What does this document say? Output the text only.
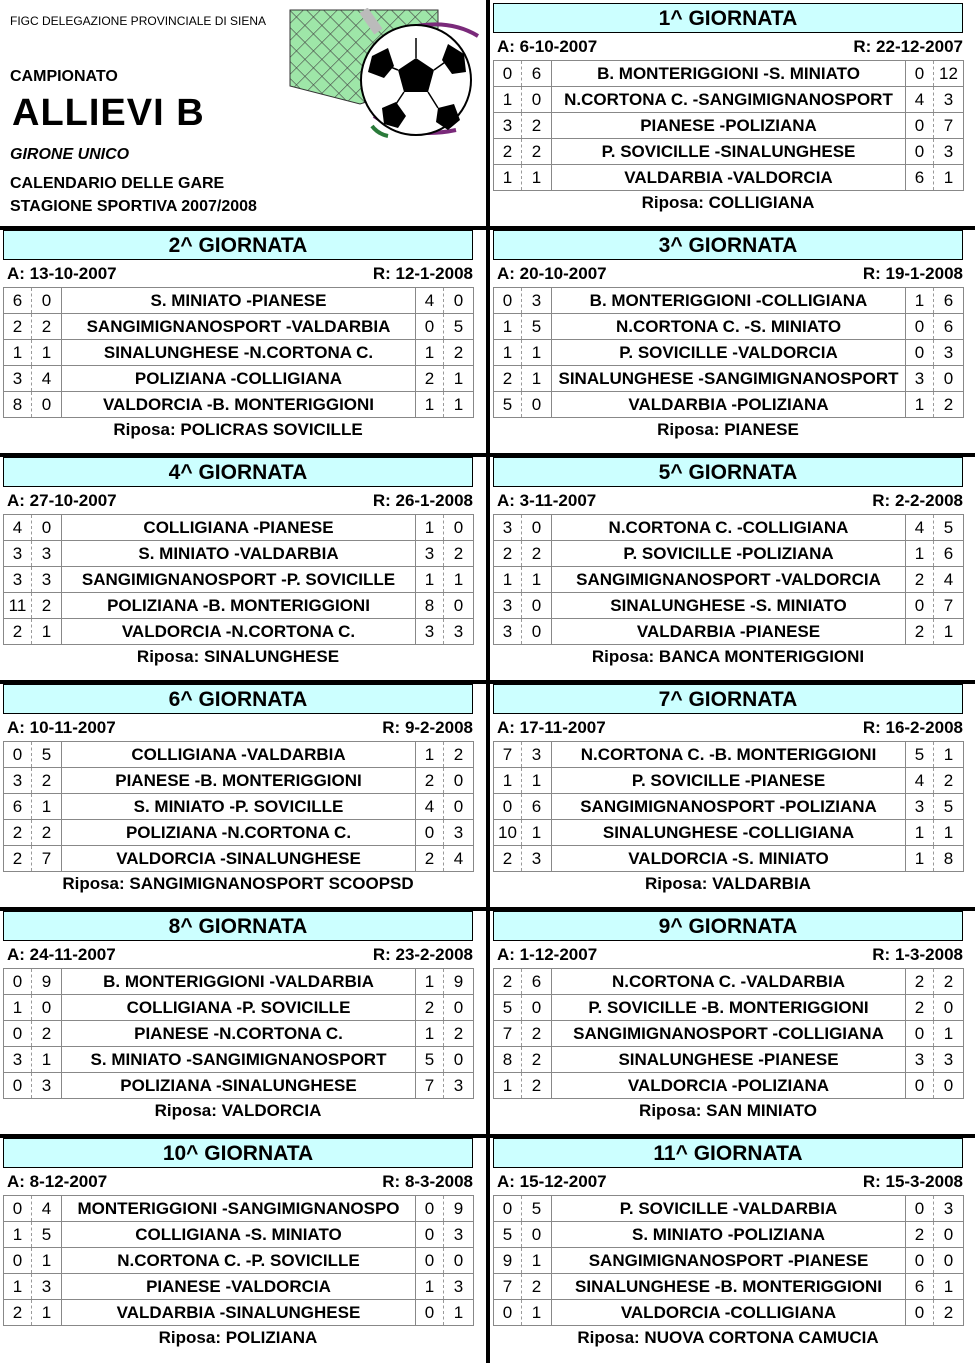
FIGC DELEGAZIONE PROVINCIALE DI SIENA
CAMPIONATO
ALLIEVI B
GIRONE UNICO
CALENDARIO DELLE GARE
STAGIONE SPORTIVA 2007/2008
1^ GIORNATA
A: 6-10-2007	R: 22-12-2007
0	6	B. MONTERIGGIONI -S. MINIATO	0	12
1	0	N.CORTONA C. -SANGIMIGNANOSPORT	4	3
3	2	PIANESE -POLIZIANA	0	7
2	2	P. SOVICILLE -SINALUNGHESE	0	3
1	1	VALDARBIA -VALDORCIA	6	1
Riposa: COLLIGIANA
2^ GIORNATA
A: 13-10-2007	R: 12-1-2008
6	0	S. MINIATO -PIANESE	4	0
2	2	SANGIMIGNANOSPORT -VALDARBIA	0	5
1	1	SINALUNGHESE -N.CORTONA C.	1	2
3	4	POLIZIANA -COLLIGIANA	2	1
8	0	VALDORCIA -B. MONTERIGGIONI	1	1
Riposa: POLICRAS SOVICILLE
3^ GIORNATA
A: 20-10-2007	R: 19-1-2008
0	3	B. MONTERIGGIONI -COLLIGIANA	1	6
1	5	N.CORTONA C. -S. MINIATO	0	6
1	1	P. SOVICILLE -VALDORCIA	0	3
2	1	SINALUNGHESE -SANGIMIGNANOSPORT	3	0
5	0	VALDARBIA -POLIZIANA	1	2
Riposa: PIANESE
4^ GIORNATA
A: 27-10-2007	R: 26-1-2008
4	0	COLLIGIANA -PIANESE	1	0
3	3	S. MINIATO -VALDARBIA	3	2
3	3	SANGIMIGNANOSPORT -P. SOVICILLE	1	1
11	2	POLIZIANA -B. MONTERIGGIONI	8	0
2	1	VALDORCIA -N.CORTONA C.	3	3
Riposa: SINALUNGHESE
5^ GIORNATA
A: 3-11-2007	R: 2-2-2008
3	0	N.CORTONA C. -COLLIGIANA	4	5
2	2	P. SOVICILLE -POLIZIANA	1	6
1	1	SANGIMIGNANOSPORT -VALDORCIA	2	4
3	0	SINALUNGHESE -S. MINIATO	0	7
3	0	VALDARBIA -PIANESE	2	1
Riposa: BANCA MONTERIGGIONI
6^ GIORNATA
A: 10-11-2007	R: 9-2-2008
0	5	COLLIGIANA -VALDARBIA	1	2
3	2	PIANESE -B. MONTERIGGIONI	2	0
6	1	S. MINIATO -P. SOVICILLE	4	0
2	2	POLIZIANA -N.CORTONA C.	0	3
2	7	VALDORCIA -SINALUNGHESE	2	4
Riposa: SANGIMIGNANOSPORT SCOOPSD
7^ GIORNATA
A: 17-11-2007	R: 16-2-2008
7	3	N.CORTONA C. -B. MONTERIGGIONI	5	1
1	1	P. SOVICILLE -PIANESE	4	2
0	6	SANGIMIGNANOSPORT -POLIZIANA	3	5
10	1	SINALUNGHESE -COLLIGIANA	1	1
2	3	VALDORCIA -S. MINIATO	1	8
Riposa: VALDARBIA
8^ GIORNATA
A: 24-11-2007	R: 23-2-2008
0	9	B. MONTERIGGIONI -VALDARBIA	1	9
1	0	COLLIGIANA -P. SOVICILLE	2	0
0	2	PIANESE -N.CORTONA C.	1	2
3	1	S. MINIATO -SANGIMIGNANOSPORT	5	0
0	3	POLIZIANA -SINALUNGHESE	7	3
Riposa: VALDORCIA
9^ GIORNATA
A: 1-12-2007	R: 1-3-2008
2	6	N.CORTONA C. -VALDARBIA	2	2
5	0	P. SOVICILLE -B. MONTERIGGIONI	2	0
7	2	SANGIMIGNANOSPORT -COLLIGIANA	0	1
8	2	SINALUNGHESE -PIANESE	3	3
1	2	VALDORCIA -POLIZIANA	0	0
Riposa: SAN MINIATO
10^ GIORNATA
A: 8-12-2007	R: 8-3-2008
0	4	MONTERIGGIONI -SANGIMIGNANOSPO	0	9
1	5	COLLIGIANA -S. MINIATO	0	3
0	1	N.CORTONA C. -P. SOVICILLE	0	0
1	3	PIANESE -VALDORCIA	1	3
2	1	VALDARBIA -SINALUNGHESE	0	1
Riposa: POLIZIANA
11^ GIORNATA
A: 15-12-2007	R: 15-3-2008
0	5	P. SOVICILLE -VALDARBIA	0	3
5	0	S. MINIATO -POLIZIANA	2	0
9	1	SANGIMIGNANOSPORT -PIANESE	0	0
7	2	SINALUNGHESE -B. MONTERIGGIONI	6	1
0	1	VALDORCIA -COLLIGIANA	0	2
Riposa: NUOVA CORTONA CAMUCIA
